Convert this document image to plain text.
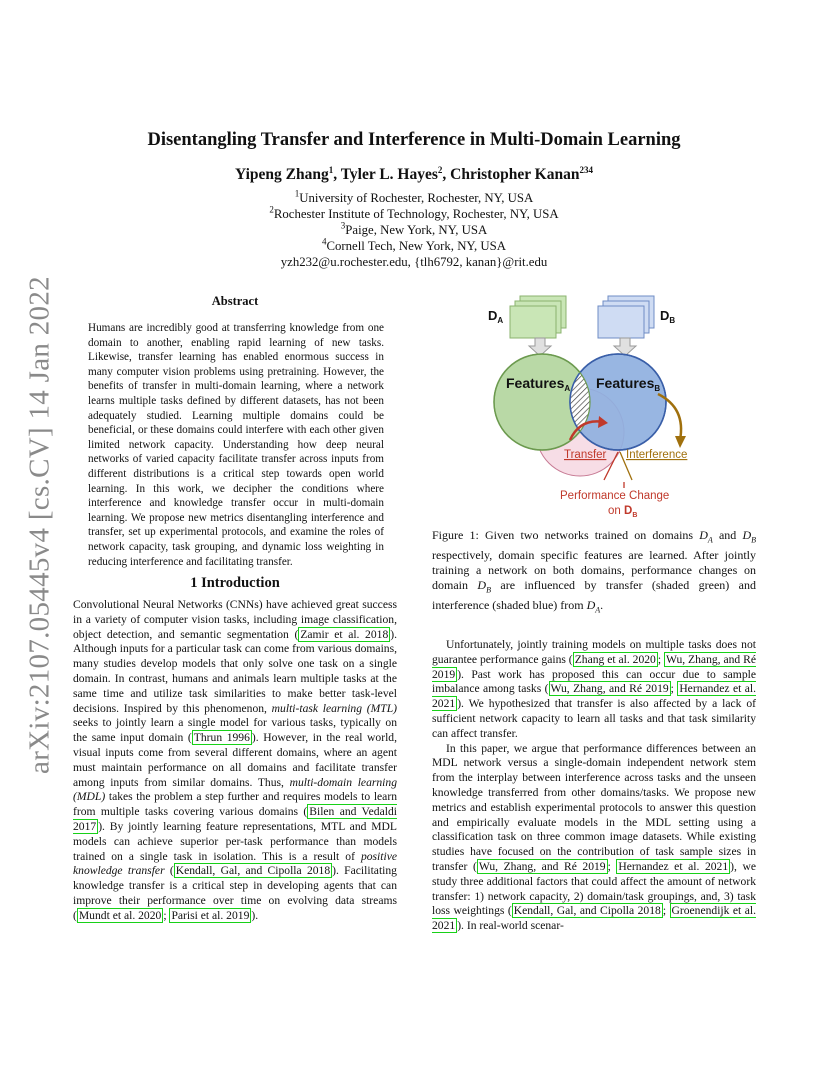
arXiv:2107.05445v4 [cs.CV] 14 Jan 2022
Disentangling Transfer and Interference in Multi-Domain Learning
Yipeng Zhang$^1$, Tyler L. Hayes$^2$, Christopher Kanan$^{234}$
$^1$University of Rochester, Rochester, NY, USA
$^2$Rochester Institute of Technology, Rochester, NY, USA
$^3$Paige, New York, NY, USA
$^4$Cornell Tech, New York, NY, USA
yzh232@u.rochester.edu, {tlh6792, kanan}@rit.edu
Abstract

Humans are incredibly good at transferring knowledge from one domain to another, enabling rapid learning of new tasks. Likewise, transfer learning has enabled enormous success in many computer vision problems using pretraining. However, the benefits of transfer in multi-domain learning, where a network learns multiple tasks defined by different datasets, has not been adequately studied. Learning multiple domains could be beneficial, or these domains could interfere with each other given limited network capacity. Understanding how deep neural networks of varied capacity facilitate transfer across inputs from different distributions is a critical step towards open world learning. In this work, we decipher the conditions where interference and knowledge transfer occur in multi-domain learning. We propose new metrics disentangling interference and transfer, set up experimental protocols, and examine the roles of network capacity, task grouping, and dynamic loss weighting in reducing interference and facilitating transfer.

1 Introduction

Convolutional Neural Networks (CNNs) have achieved great success in a variety of computer vision tasks, including image classification, object detection, and semantic segmentation ( Zamir et al. 2018 ). Although inputs for a particular task can come from various domains, many studies develop models that only solve one task on a single domain. In contrast, humans and animals learn multiple tasks at the same time and utilize task similarities to make better task-level decisions. Inspired by this phenomenon, multi-task learning (MTL) seeks to jointly learn a single model for various tasks, typically on the same input domain ( Thrun 1996 ). However, in the real world, visual inputs come from several different domains, where an agent must maintain performance on all domains and facilitate transfer among inputs from similar domains. Thus, multi-domain learning (MDL) takes the problem a step further and requires models to learn from multiple tasks covering various domains ( Bilen and Vedaldi 2017 ). By jointly learning feature representations, MTL and MDL models can achieve superior per-task performance than models trained on a single task in isolation. This is a result of positive knowledge transfer ( Kendall, Gal, and Cipolla 2018 ). Facilitating knowledge transfer is a critical step in developing agents that can improve their performance over time on evolving data streams ( Mundt et al. 2020 ; Parisi et al. 2019 ).

$D_A$	$D_B$
Features$_A$ Features$_B$
Transfer Interference
Performance Change
on $D_B$
Figure 1: Given two networks trained on domains $D_A$ and $D_B$ respectively, domain specific features are learned. After jointly training a network on both domains, performance changes on domain $D_B$ are influenced by transfer (shaded green) and interference (shaded blue) from $D_A$.

Unfortunately, jointly training models on multiple tasks does not guarantee performance gains ( Zhang et al. 2020 ; Wu, Zhang, and Ré 2019 ). Past work has proposed this can occur due to sample imbalance among tasks ( Wu, Zhang, and Ré 2019 ; Hernandez et al. 2021 ). We hypothesized that transfer is also affected by a lack of sufficient network capacity to learn all tasks and that task similarity can affect transfer.

In this paper, we argue that performance differences between an MDL network versus a single-domain independent network stem from the interplay between interference across tasks and the unseen knowledge transferred from other domains/tasks. We propose new metrics and establish experimental protocols to answer this question and empirically evaluate models in the MDL setting using a classification task on three common image datasets. While existing studies have focused on the contribution of task sample sizes in transfer ( Wu, Zhang, and Ré 2019 ; Hernandez et al. 2021 ), we study three additional factors that could affect the amount of network transfer: 1) network capacity, 2) domain/task groupings, and, 3) task loss weightings ( Kendall, Gal, and Cipolla 2018 ; Groenendijk et al. 2021 ). In real-world scenar-
